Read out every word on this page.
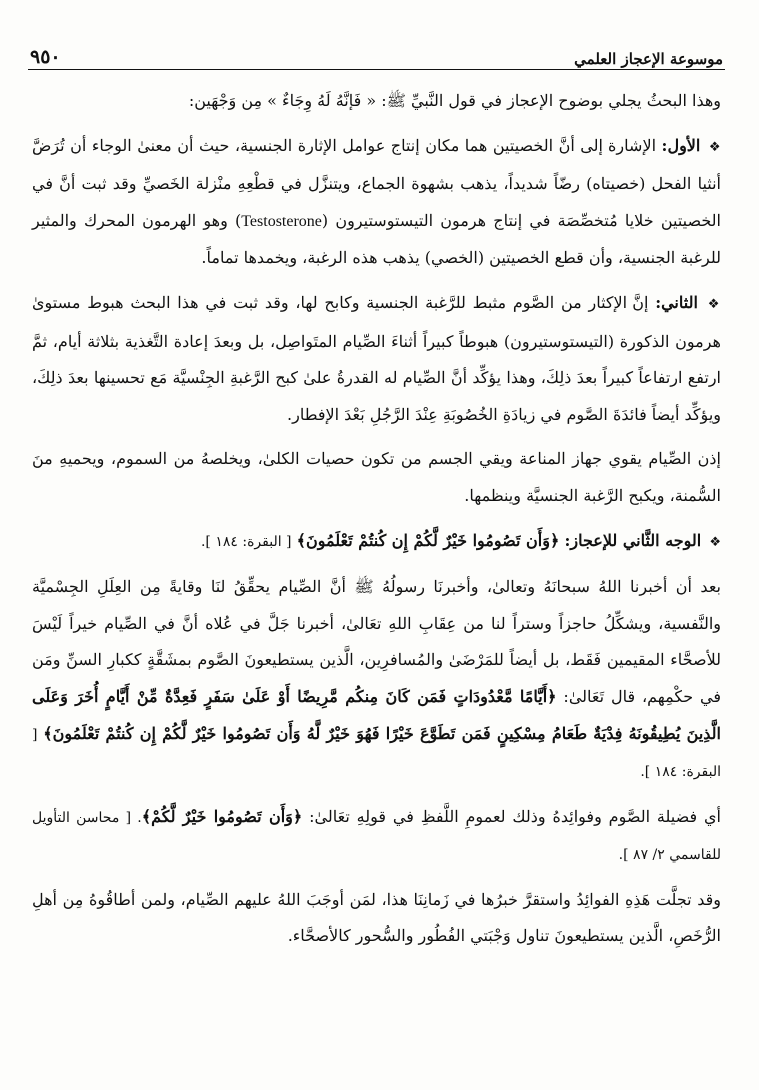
٩٥٠	موسوعة الإعجاز العلمي

وهذا البحثُ يجلي بوضوح الإعجاز في قول النَّبيِّ ﷺ: « فَإنَّهُ لَهُ وِجَاءٌ » مِن وَجْهَين:

❖ الأول: الإشارة إلى أنَّ الخصيتين هما مكان إنتاج عوامل الإثارة الجنسية، حيث أن معنىٰ الوجاء أن تُرَضَّ أنثيا الفحل (خصيتاه) رضّاً شديداً، يذهب بشهوة الجماع، ويتنزَّل في قطْعِهِ منْزلة الخَصيِّ وقد ثبت أنَّ في الخصيتين خلايا مُتخصِّصَة في إنتاج هرمون التيستوستيرون (Testosterone) وهو الهرمون المحرك والمثير للرغبة الجنسية، وأن قطع الخصيتين (الخصي) يذهب هذه الرغبة، ويخمدها تماماً.

❖ الثاني: إنَّ الإكثار من الصَّوم مثبط للرَّغبة الجنسية وكابح لها، وقد ثبت في هذا البحث هبوط مستوىٰ هرمون الذكورة (التيستوستيرون) هبوطاً كبيراً أثناءَ الصِّيام المتَواصِل، بل وبعدَ إعادة التَّغذية بثلاثة أيام، ثمَّ ارتفع ارتفاعاً كبيراً بعدَ ذلِكَ، وهذا يؤكِّد أنَّ الصِّيام له القدرةُ علىٰ كبح الرَّغبةِ الجِنْسيَّة مَع تحسينها بعدَ ذلِكَ، ويؤكِّد أيضاً فائدَةَ الصَّوم في زيادَةِ الخُصُوبَةِ عِنْدَ الرَّجُلِ بَعْدَ الإفطار.

إذن الصِّيام يقوي جهاز المناعة ويقي الجسم من تكون حصيات الكلىٰ، ويخلصهُ من السموم، ويحميهِ منَ السُّمنة، ويكبح الرَّغبة الجنسيَّة وينظمها.

❖ الوجه الثَّاني للإعجاز: ﴿وَأَن تَصُومُوا خَيْرٌ لَّكُمْ إِن كُنتُمْ تَعْلَمُونَ﴾ [ البقرة: ١٨٤ ].

بعد أن أخبرنا اللهُ سبحانَهُ وتعالىٰ، وأخبرنَا رسولُهُ ﷺ أنَّ الصِّيام يحقِّقُ لنَا وقايةً مِن العِلَلِ الجِسْميَّة والنَّفسية، ويشكِّلُ حاجزاً وستراً لنا من عِقَابِ اللهِ تعَالىٰ، أخبرنا جَلَّ في عُلاه أنَّ في الصِّيام خيراً لَيْسَ للأصحَّاء المقيمين فَقَط، بل أيضاً للمَرْضَىٰ والمُسافرِين، الَّذين يستطيعونَ الصَّوم بمشَقَّةٍ ككبارِ السنِّ ومَن في حكْمِهم، قال تَعَالىٰ: ﴿أَيَّامًا مَّعْدُودَاتٍ فَمَن كَانَ مِنكُم مَّرِيضًا أَوْ عَلَىٰ سَفَرٍ فَعِدَّةٌ مِّنْ أَيَّامٍ أُخَرَ وَعَلَى الَّذِينَ يُطِيقُونَهُ فِدْيَةٌ طَعَامُ مِسْكِينٍ فَمَن تَطَوَّعَ خَيْرًا فَهُوَ خَيْرٌ لَّهُ وَأَن تَصُومُوا خَيْرٌ لَّكُمْ إِن كُنتُمْ تَعْلَمُونَ﴾ [ البقرة: ١٨٤ ].

أي فضيلة الصَّوم وفوائِدهُ وذلك لعمومِ اللَّفظِ في قولِهِ تعَالىٰ: ﴿وَأَن تَصُومُوا خَيْرٌ لَّكُمْ﴾. [ محاسن التأويل للقاسمي ٢/ ٨٧ ].

وقد تجلَّت هَذِهِ الفوائِدُ واستقرَّ خبرُها في زَمانِنَا هذا، لمَن أوجَبَ اللهُ عليهم الصِّيام، ولمن أطاقُوهُ مِن أهلِ الرُّخَصِ، الَّذين يستطيعونَ تناول وَجْبَتي الفُطُور والسُّحور كالأصحَّاء.
